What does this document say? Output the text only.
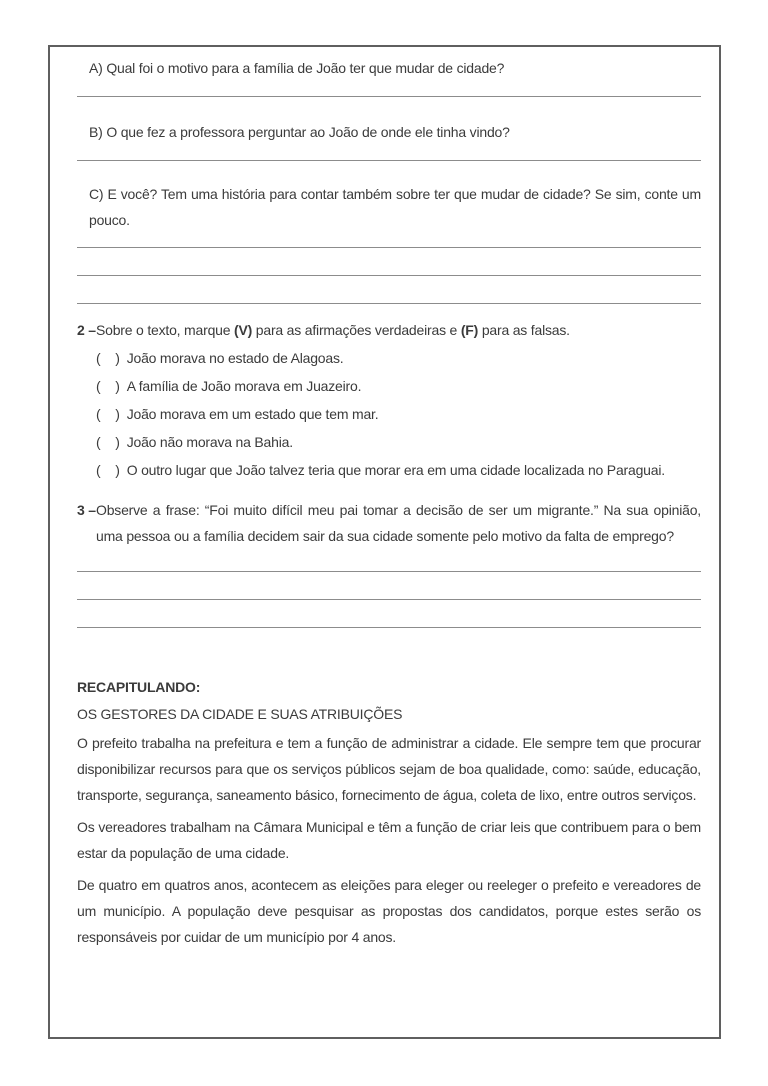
A) Qual foi o motivo para a família de João ter que mudar de cidade?

B) O que fez a professora perguntar ao João de onde ele tinha vindo?

C) E você? Tem uma história para contar também sobre ter que mudar de cidade? Se sim, conte um pouco.

2 – Sobre o texto, marque (V) para as afirmações verdadeiras e (F) para as falsas.

(    ) João morava no estado de Alagoas.
(    ) A família de João morava em Juazeiro.
(    ) João morava em um estado que tem mar.
(    ) João não morava na Bahia.
(    ) O outro lugar que João talvez teria que morar era em uma cidade localizada no Paraguai.
3 – Observe a frase: “Foi muito difícil meu pai tomar a decisão de ser um migrante.” Na sua opinião, uma pessoa ou a família decidem sair da sua cidade somente pelo motivo da falta de emprego?

RECAPITULANDO:

OS GESTORES DA CIDADE E SUAS ATRIBUIÇÕES

O prefeito trabalha na prefeitura e tem a função de administrar a cidade. Ele sempre tem que procurar disponibilizar recursos para que os serviços públicos sejam de boa qualidade, como: saúde, educação, transporte, segurança, saneamento básico, fornecimento de água, coleta de lixo, entre outros serviços.

Os vereadores trabalham na Câmara Municipal e têm a função de criar leis que contribuem para o bem estar da população de uma cidade.

De quatro em quatros anos, acontecem as eleições para eleger ou reeleger o prefeito e vereadores de um município. A população deve pesquisar as propostas dos candidatos, porque estes serão os responsáveis por cuidar de um município por 4 anos.
